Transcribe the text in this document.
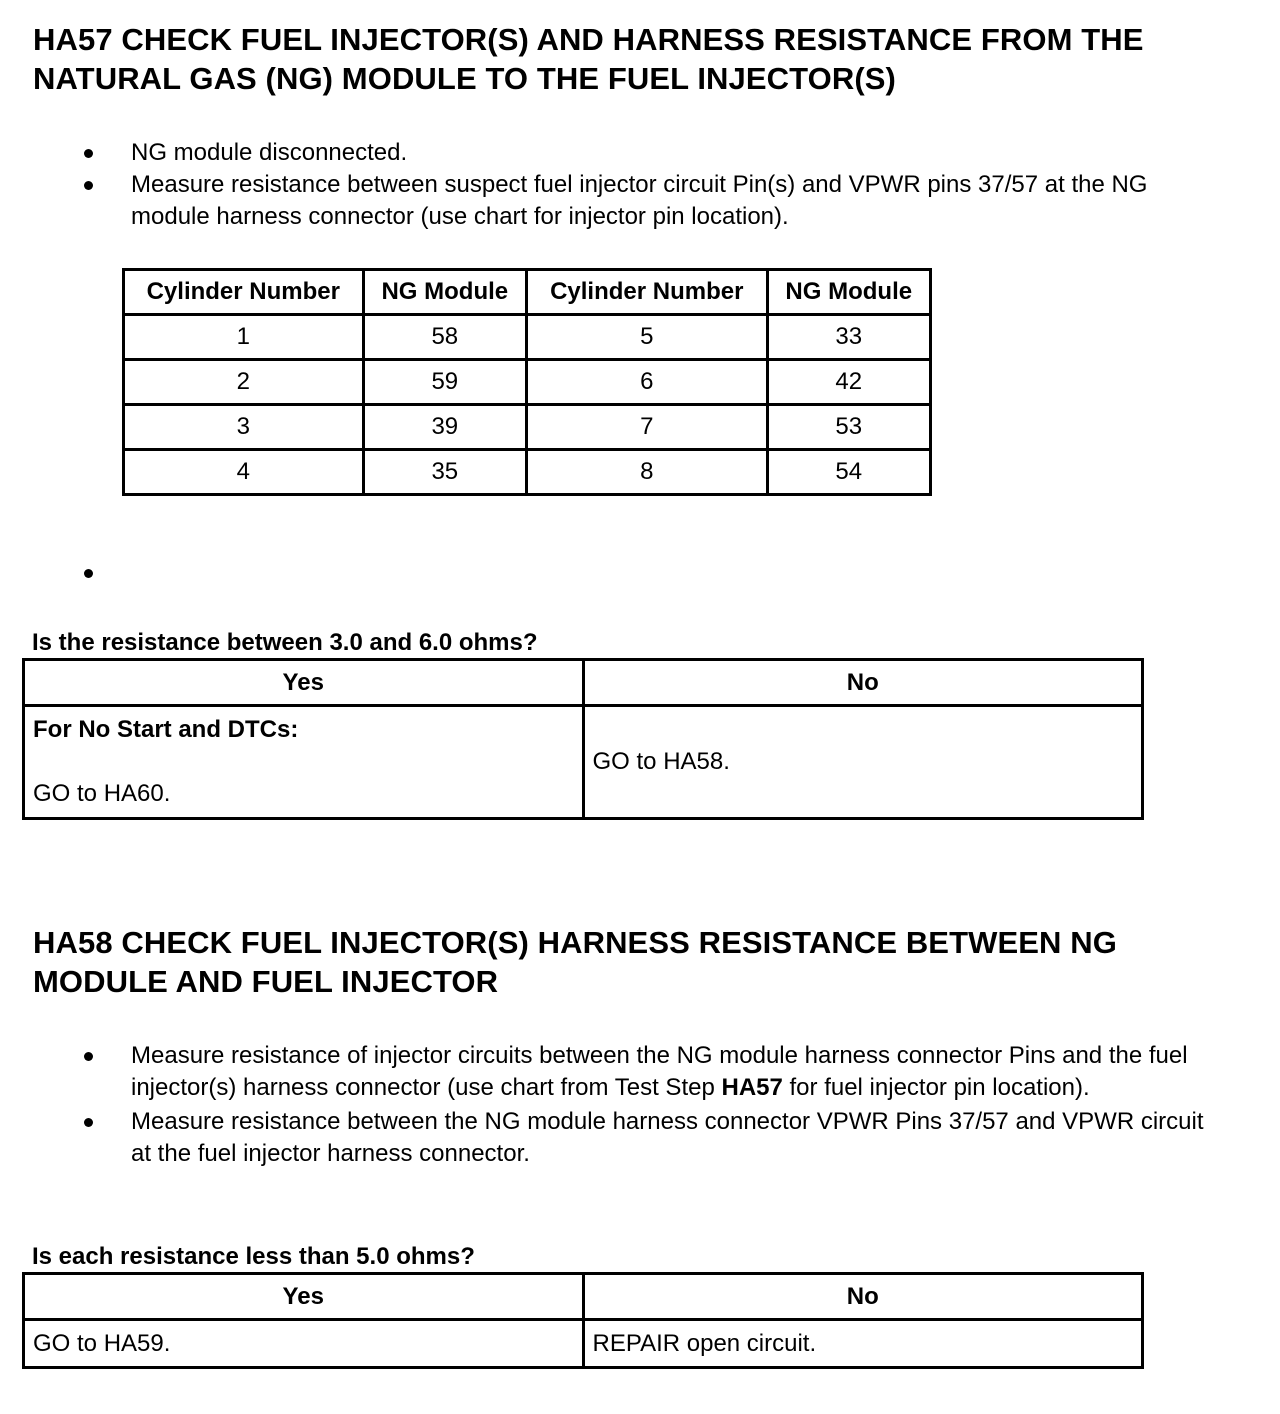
HA57 CHECK FUEL INJECTOR(S) AND HARNESS RESISTANCE FROM THE
NATURAL GAS (NG) MODULE TO THE FUEL INJECTOR(S)
NG module disconnected.
Measure resistance between suspect fuel injector circuit Pin(s) and VPWR pins 37/57 at the NG module harness connector (use chart for injector pin location).
Cylinder Number	NG Module	Cylinder Number	NG Module
1	58	5	33
2	59	6	42
3	39	7	53
4	35	8	54

Is the resistance between 3.0 and 6.0 ohms?

Yes	No

For No Start and DTCs:

GO to HA60.	GO to HA58.
HA58 CHECK FUEL INJECTOR(S) HARNESS RESISTANCE BETWEEN NG
MODULE AND FUEL INJECTOR
Measure resistance of injector circuits between the NG module harness connector Pins and the fuel injector(s) harness connector (use chart from Test Step HA57 for fuel injector pin location).
Measure resistance between the NG module harness connector VPWR Pins 37/57 and VPWR circuit at the fuel injector harness connector.

Is each resistance less than 5.0 ohms?

Yes	No
GO to HA59.	REPAIR open circuit.
